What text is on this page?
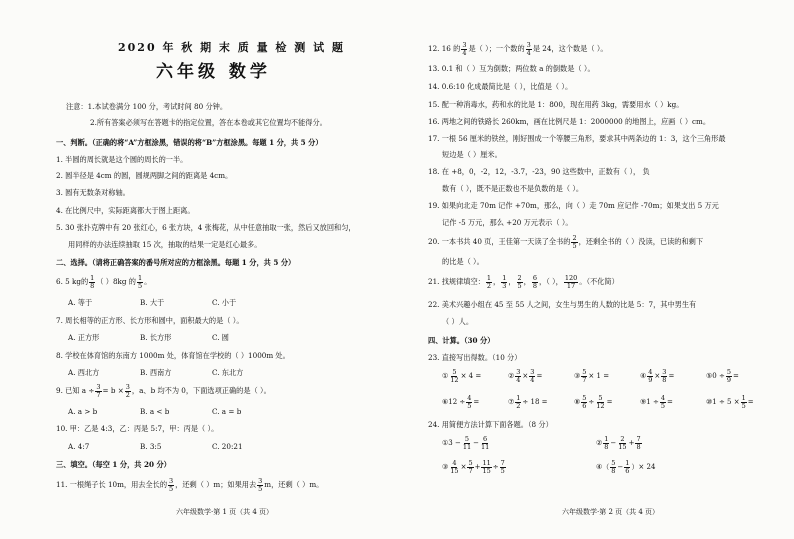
2020 年 秋 期 末 质 量 检 测 试 题
六年级 数学
注意：1.本试卷满分 100 分，考试时间 80 分钟。
2.所有答案必须写在答题卡的指定位置，答在本卷或其它位置均不能得分。
一、判断。（正确的将“A”方框涂黑，错误的将“B”方框涂黑。每题 1 分，共 5 分）
1. 半圆的周长就是这个圆的周长的一半。
2. 圆半径是 4cm 的圆，圆规两脚之间的距离是 4cm。
3. 圆有无数条对称轴。
4. 在比例尺中，实际距离都大于图上距离。
5. 30 张扑克牌中有 20 张红心，6 张方块，4 张梅花，从中任意抽取一张，然后又放回和匀，
用同样的办法连续抽取 15 次，抽取的结果一定是红心最多。
二、选择。（请将正确答案的番号所对应的方框涂黑。每题 1 分，共 5 分）
6. 5 kg的 $\frac{1}{8}$ （ ）8kg 的 $\frac{1}{5}$ 。
A. 等于	B. 大于	C. 小于
7. 周长相等的正方形、长方形和圆中，面积最大的是（ ）。
A. 正方形	B. 长方形	C. 圆
8. 学校在体育馆的东南方 1000m 处，体育馆在学校的（ ）1000m 处。
A. 西北方	B. 西南方	C. 东北方
9. 已知 $a \div \frac{3}{7} = b \times \frac{3}{2}$ ，a、b 均不为 0，下面选项正确的是（ ）。
A. a > b	B. a < b	C. a = b
10. 甲：乙是 4:3，乙：丙是 5:7，甲：丙是（ ）。
A. 4:7	B. 3:5	C. 20:21
三、填空。（每空 1 分，共 20 分）
11. 一根绳子长 10m，用去全长的 $\frac{3}{5}$ ，还剩（ ）m；如果用去 $\frac{3}{5}$ m，还剩（ ）m。
六年级数学·第 1 页（共 4 页）
12. 16 的 $\frac{3}{4}$ 是（ ）；一个数的 $\frac{3}{4}$ 是 24，这个数是（ ）。
13. 0.1 和（ ）互为倒数；两位数 a 的倒数是（ ）。
14. 0.6:10 化成最简比是（ ），比值是（ ）。
15. 配一种消毒水，药和水的比是 1：800，现在用药 3kg，需要用水（ ）kg。
16. 两地之间的铁路长 260km，画在比例尺是 1：2000000 的地图上，应画（ ）cm。
17. 一根 56 厘米的铁丝，刚好围成一个等腰三角形，要求其中两条边的 1：3，这个三角形最
短边是（ ）厘米。
18. 在 +8，0，-2，12，-3.7，-23，90 这些数中，正数有（ ）， 负
数有（ ），既不是正数也不是负数的是（ ）。
19. 如果向北走 70m 记作 +70m，那么，向（ ）走 70m 应记作 -70m；如果支出 5 万元
记作 -5 万元，那么 +20 万元表示（ ）。
20. 一本书共 40 页，王佳第一天读了全书的 $\frac{2}{5}$ ，还剩全书的（ ）没读，已读的和剩下
的比是（ ）。
21. 找规律填空： $\frac{1}{2}$ ， $\frac{1}{3}$ ， $\frac{2}{5}$ ， $\frac{6}{8}$ ，（ ）， $\frac{120}{17}$ 。（不化简）
22. 美术兴趣小组在 45 至 55 人之间，女生与男生的人数的比是 5：7，其中男生有
（ ）人。
四、计算。（30 分）
23. 直接写出得数。（10 分）
① $\frac{5}{12} \times 4$ =	② $\frac{3}{4} \times \frac{3}{4}$ =	③ $\frac{5}{7} \times 1$ =	④ $\frac{4}{9} \times \frac{3}{8}$ =	⑤0 ÷ $\frac{5}{9}$ =
⑥12 ÷ $\frac{4}{5}$ =	⑦ $\frac{1}{2} \div 18$ =	⑧ $\frac{5}{6} \div \frac{5}{12}$ =	⑨1 ÷ $\frac{4}{5}$ =	⑩1 ÷ $5 \times \frac{1}{5}$ =
24. 用简便方法计算下面各题。（8 分）
①3 − $\frac{5}{11} - \frac{6}{11}$	② $\frac{1}{8} - \frac{2}{15} + \frac{7}{8}$
③ $\frac{4}{15} \times \frac{5}{7} + \frac{11}{15} \div \frac{7}{5}$	④（ $\frac{5}{8} - \frac{1}{6}$ ）× 24
六年级数学·第 2 页（共 4 页）
